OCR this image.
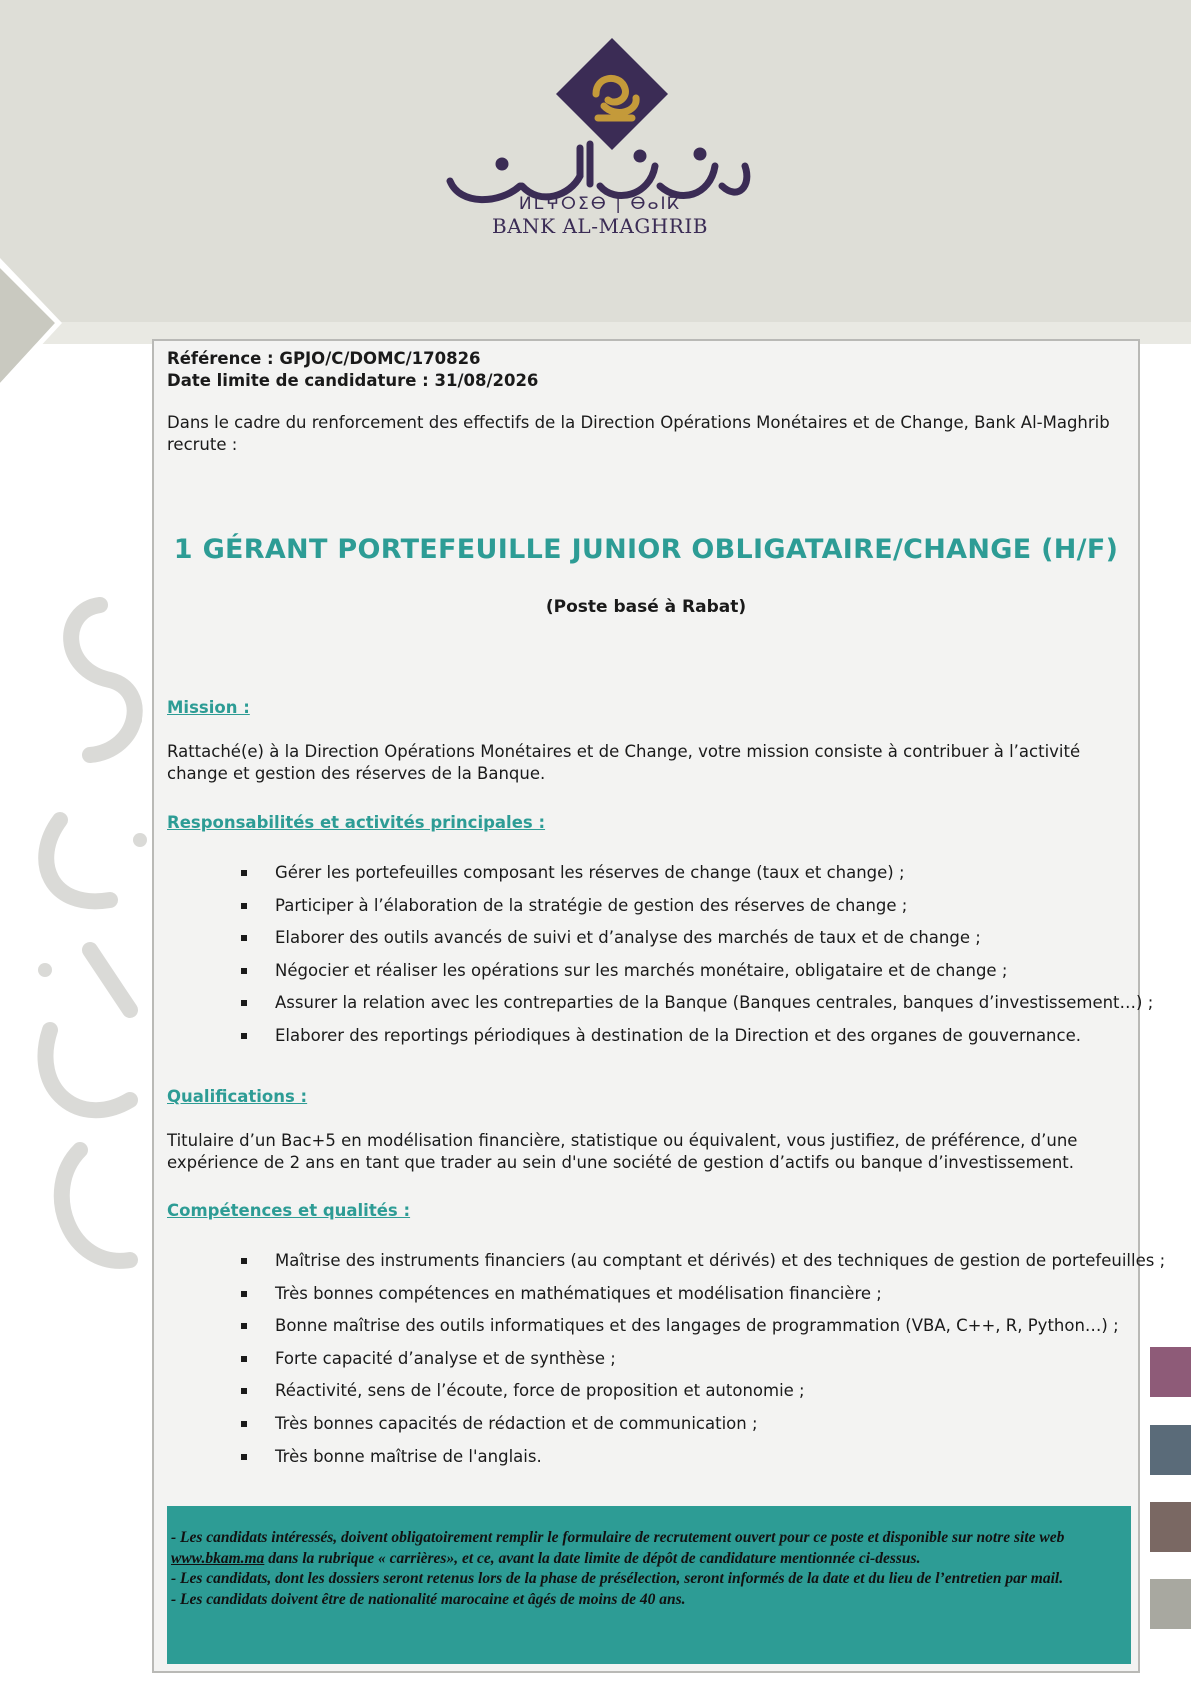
ⵍⵎⵖⵔⵉⴱ | ⴱⴰⵏⴽ
BANK AL-MAGHRIB
Référence : GPJO/C/DOMC/170826
Date limite de candidature : 31/08/2026
Dans le cadre du renforcement des effectifs de la Direction Opérations Monétaires et de Change, Bank Al-Maghrib recrute :
1 GÉRANT PORTEFEUILLE JUNIOR OBLIGATAIRE/CHANGE (H/F)
(Poste basé à Rabat)
Mission :
Rattaché(e) à la Direction Opérations Monétaires et de Change, votre mission consiste à contribuer à l’activité change et gestion des réserves de la Banque.
Responsabilités et activités principales :
Gérer les portefeuilles composant les réserves de change (taux et change) ;
Participer à l’élaboration de la stratégie de gestion des réserves de change ;
Elaborer des outils avancés de suivi et d’analyse des marchés de taux et de change ;
Négocier et réaliser les opérations sur les marchés monétaire, obligataire et de change ;
Assurer la relation avec les contreparties de la Banque (Banques centrales, banques d’investissement…) ;
Elaborer des reportings périodiques à destination de la Direction et des organes de gouvernance.
Qualifications :
Titulaire d’un Bac+5 en modélisation financière, statistique ou équivalent, vous justifiez, de préférence, d’une expérience de 2 ans en tant que trader au sein d'une société de gestion d’actifs ou banque d’investissement.
Compétences et qualités :
Maîtrise des instruments financiers (au comptant et dérivés) et des techniques de gestion de portefeuilles ;
Très bonnes compétences en mathématiques et modélisation financière ;
Bonne maîtrise des outils informatiques et des langages de programmation (VBA, C++, R, Python…) ;
Forte capacité d’analyse et de synthèse ;
Réactivité, sens de l’écoute, force de proposition et autonomie ;
Très bonnes capacités de rédaction et de communication ;
Très bonne maîtrise de l'anglais.

- Les candidats intéressés, doivent obligatoirement remplir le formulaire de recrutement ouvert pour ce poste et disponible sur notre site web www.bkam.ma dans la rubrique « carrières», et ce, avant la date limite de dépôt de candidature mentionnée ci-dessus.

- Les candidats, dont les dossiers seront retenus lors de la phase de présélection, seront informés de la date et du lieu de l’entretien par mail.

- Les candidats doivent être de nationalité marocaine et âgés de moins de 40 ans.
